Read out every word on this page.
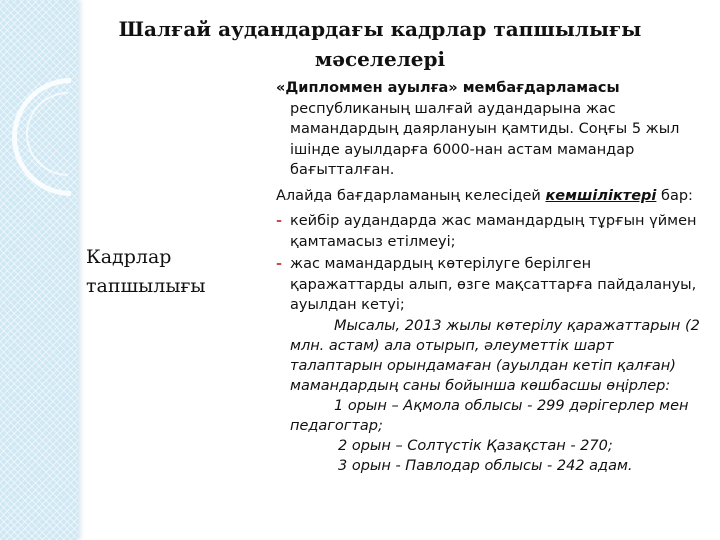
Шалғай аудандардағы кадрлар тапшылығы
мәселелері
Кадрлар
тапшылығы

«Дипломмен ауылға» мембағдарламасы республиканың шалғай аудандарына жас мамандардың даярлануын қамтиды. Соңғы 5 жыл ішінде ауылдарға 6000-нан астам мамандар бағытталған.

Алайда бағдарламаның келесідей кемшіліктері бар:

- кейбір аудандарда жас мамандардың тұрғын үймен қамтамасыз етілмеуі;
- жас мамандардың көтерілуге берілген қаражаттарды алып, өзге мақсаттарға пайдалануы, ауылдан кетуі;

Мысалы, 2013 жылы көтерілу қаражаттарын (2 млн. астам) ала отырып, әлеуметтік шарт талаптарын орындамаған (ауылдан кетіп қалған) мамандардың саны бойынша көшбасшы өңірлер:

1 орын – Ақмола облысы - 299 дәрігерлер мен педагогтар;

2 орын – Солтүстік Қазақстан - 270;

3 орын - Павлодар облысы - 242 адам.
